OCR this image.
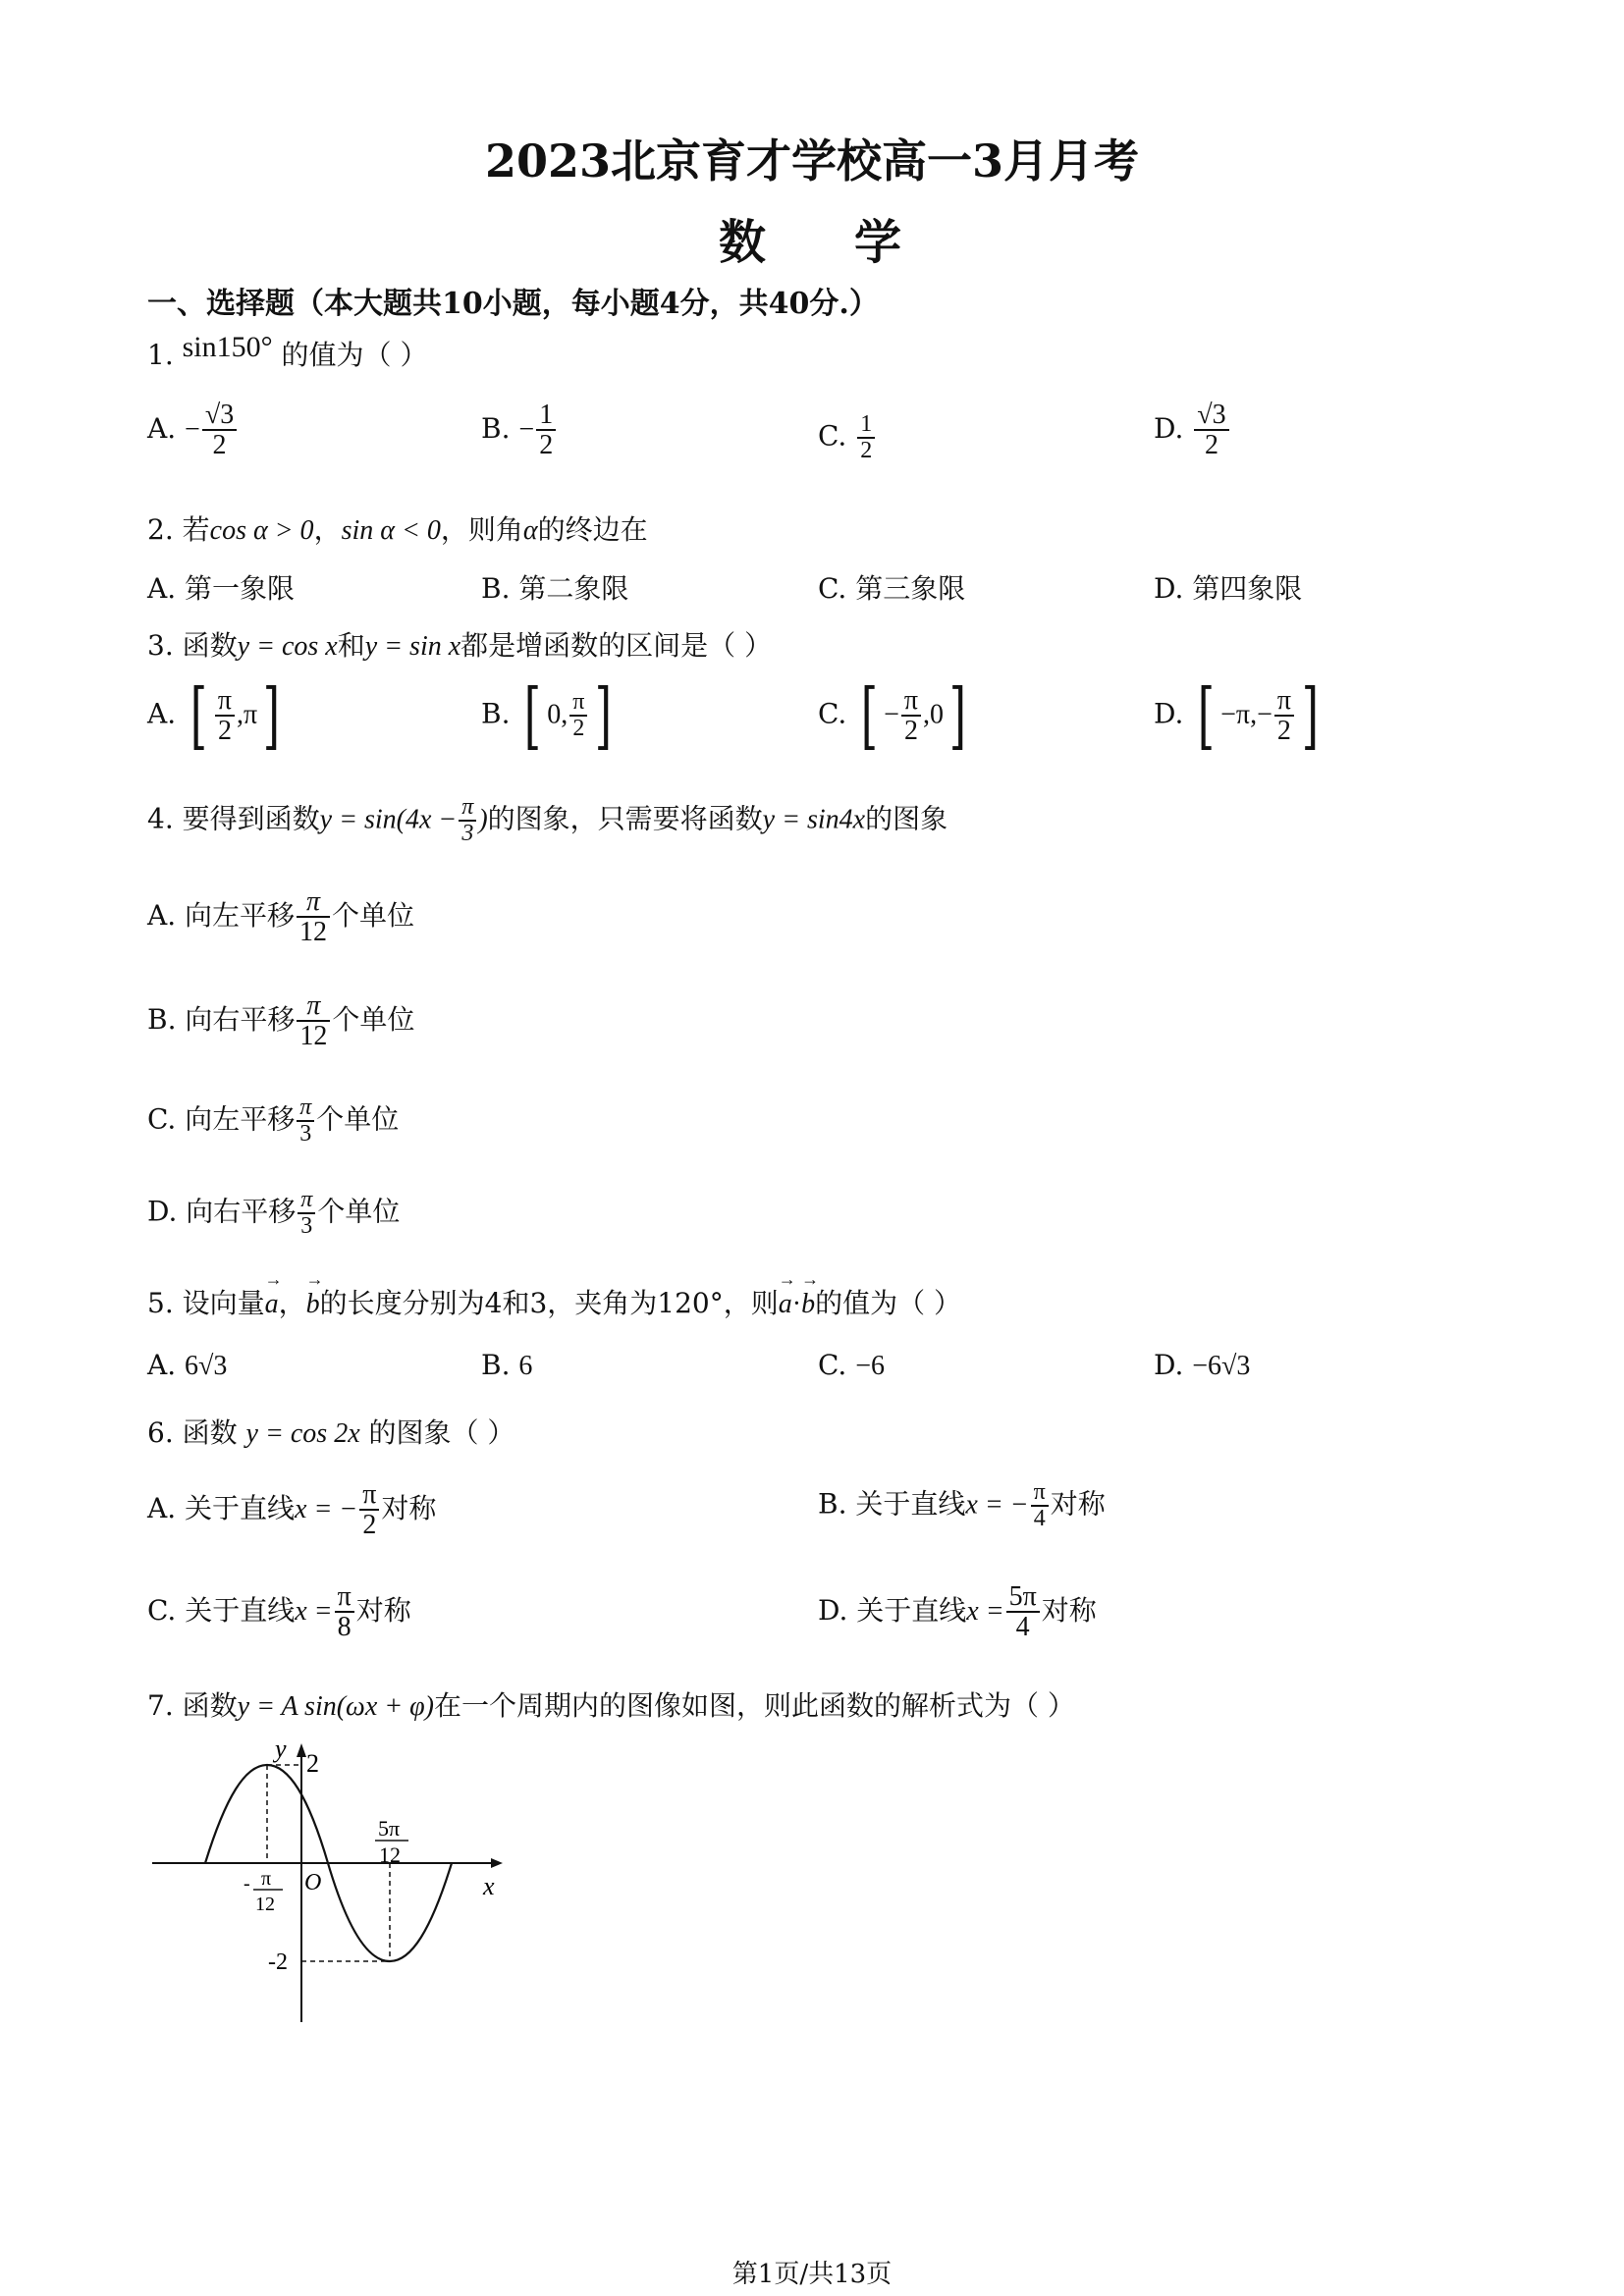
2023北京育才学校高一3月月考
数学
一、选择题（本大题共10小题，每小题4分，共40分.）
1. sin150° 的值为（ ）
A. − $\frac{√3}{2}$	B. − $\frac{1}{2}$	C. $\frac{1}{2}$	D. $\frac{√3}{2}$
2. 若cos α > 0，sin α < 0，则角α的终边在
A. 第一象限	B. 第二象限	C. 第三象限	D. 第四象限
3. 函数y = cos x和y = sin x都是增函数的区间是（ ）
A. [ $\frac{\pi}{2} ,\pi$]	B. [ 0, $\frac{\pi}{2}$ ]	C. [ − $\frac{\pi}{2} ,0$]	D. [ $-\pi,- \frac{\pi}{2}$ ]
4. 要得到函数$y = \sin(4x - \frac{\pi}{3}$ )的图象，只需要将函数y = sin4x的图象
A. 向左平移 $\frac{\pi}{12}$ 个单位
B. 向右平移 $\frac{\pi}{12}$ 个单位
C. 向左平移 $\frac{\pi}{3}$ 个单位
D. 向右平移 $\frac{\pi}{3}$ 个单位
5. 设向量→ a，→ b的长度分别为4和3，夹角为120°，则→ a·→ b的值为（ ）
A. 6√3	B. 6	C. −6	D. −6√3
6. 函数 y = cos 2x 的图象（ ）
A. 关于直线x = − $\frac{\pi}{2}$ 对称	B. 关于直线x = − $\frac{\pi}{4}$ 对称
C. 关于直线$x = \frac{\pi}{8}$ 对称	D. 关于直线$x = \frac{5\pi}{4}$ 对称
7. 函数y = A sin(ωx + φ)在一个周期内的图像如图，则此函数的解析式为（ ）
y
x
2
-2
O
- π
12
5π
12
第1页/共13页
